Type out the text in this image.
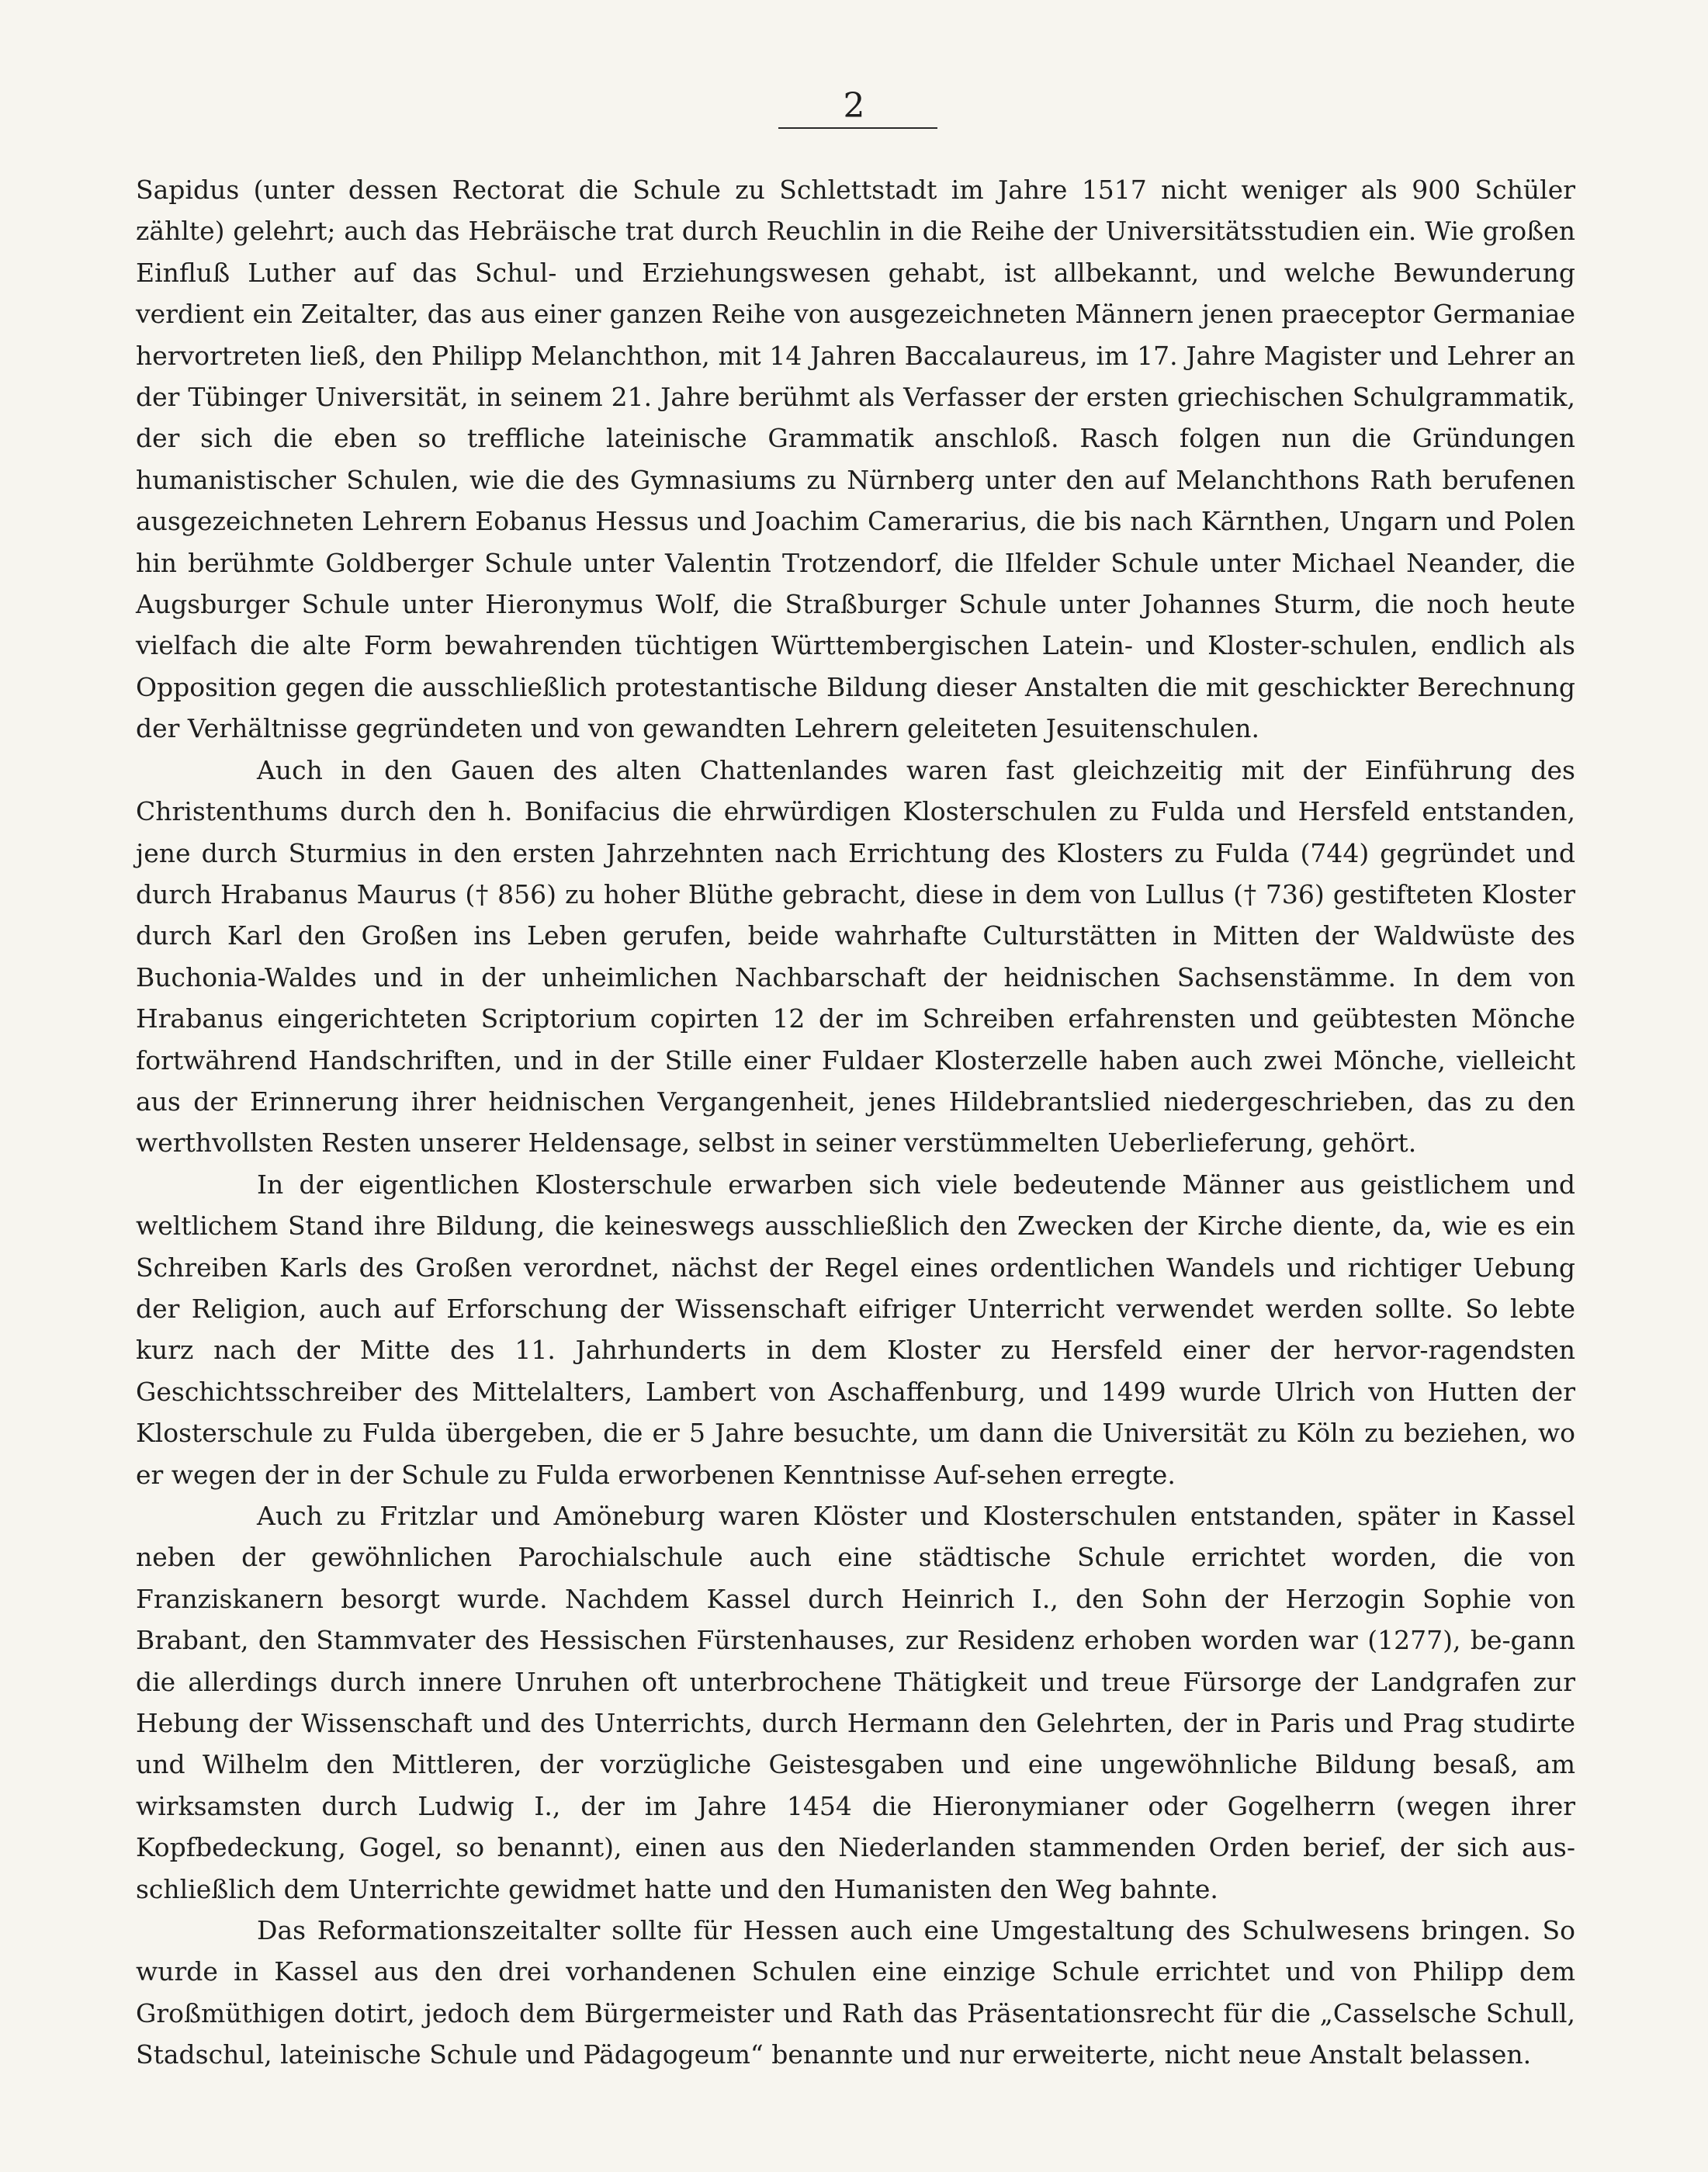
2

Sapidus (unter dessen Rectorat die Schule zu Schlettstadt im Jahre 1517 nicht weniger als 900 Schüler zählte) gelehrt; auch das Hebräische trat durch Reuchlin in die Reihe der Universitätsstudien ein. Wie großen Einfluß Luther auf das Schul- und Erziehungswesen gehabt, ist allbekannt, und welche Bewunderung verdient ein Zeitalter, das aus einer ganzen Reihe von ausgezeichneten Männern jenen praeceptor Germaniae hervortreten ließ, den Philipp Melanchthon, mit 14 Jahren Baccalaureus, im 17. Jahre Magister und Lehrer an der Tübinger Universität, in seinem 21. Jahre berühmt als Verfasser der ersten griechischen Schulgrammatik, der sich die eben so treffliche lateinische Grammatik anschloß. Rasch folgen nun die Gründungen humanistischer Schulen, wie die des Gymnasiums zu Nürnberg unter den auf Melanchthons Rath berufenen ausgezeichneten Lehrern Eobanus Hessus und Joachim Camerarius, die bis nach Kärnthen, Ungarn und Polen hin berühmte Goldberger Schule unter Valentin Trotzendorf, die Ilfelder Schule unter Michael Neander, die Augsburger Schule unter Hieronymus Wolf, die Straßburger Schule unter Johannes Sturm, die noch heute vielfach die alte Form bewahrenden tüchtigen Württembergischen Latein- und Kloster-schulen, endlich als Opposition gegen die ausschließlich protestantische Bildung dieser Anstalten die mit geschickter Berechnung der Verhältnisse gegründeten und von gewandten Lehrern geleiteten Jesuitenschulen.

Auch in den Gauen des alten Chattenlandes waren fast gleichzeitig mit der Einführung des Christenthums durch den h. Bonifacius die ehrwürdigen Klosterschulen zu Fulda und Hersfeld entstanden, jene durch Sturmius in den ersten Jahrzehnten nach Errichtung des Klosters zu Fulda (744) gegründet und durch Hrabanus Maurus († 856) zu hoher Blüthe gebracht, diese in dem von Lullus († 736) gestifteten Kloster durch Karl den Großen ins Leben gerufen, beide wahrhafte Culturstätten in Mitten der Waldwüste des Buchonia-Waldes und in der unheimlichen Nachbarschaft der heidnischen Sachsenstämme. In dem von Hrabanus eingerichteten Scriptorium copirten 12 der im Schreiben erfahrensten und geübtesten Mönche fortwährend Handschriften, und in der Stille einer Fuldaer Klosterzelle haben auch zwei Mönche, vielleicht aus der Erinnerung ihrer heidnischen Vergangenheit, jenes Hildebrantslied niedergeschrieben, das zu den werthvollsten Resten unserer Heldensage, selbst in seiner verstümmelten Ueberlieferung, gehört.

In der eigentlichen Klosterschule erwarben sich viele bedeutende Männer aus geistlichem und weltlichem Stand ihre Bildung, die keineswegs ausschließlich den Zwecken der Kirche diente, da, wie es ein Schreiben Karls des Großen verordnet, nächst der Regel eines ordentlichen Wandels und richtiger Uebung der Religion, auch auf Erforschung der Wissenschaft eifriger Unterricht verwendet werden sollte. So lebte kurz nach der Mitte des 11. Jahrhunderts in dem Kloster zu Hersfeld einer der hervor-ragendsten Geschichtsschreiber des Mittelalters, Lambert von Aschaffenburg, und 1499 wurde Ulrich von Hutten der Klosterschule zu Fulda übergeben, die er 5 Jahre besuchte, um dann die Universität zu Köln zu beziehen, wo er wegen der in der Schule zu Fulda erworbenen Kenntnisse Auf-sehen erregte.

Auch zu Fritzlar und Amöneburg waren Klöster und Klosterschulen entstanden, später in Kassel neben der gewöhnlichen Parochialschule auch eine städtische Schule errichtet worden, die von Franziskanern besorgt wurde. Nachdem Kassel durch Heinrich I., den Sohn der Herzogin Sophie von Brabant, den Stammvater des Hessischen Fürstenhauses, zur Residenz erhoben worden war (1277), be-gann die allerdings durch innere Unruhen oft unterbrochene Thätigkeit und treue Fürsorge der Landgrafen zur Hebung der Wissenschaft und des Unterrichts, durch Hermann den Gelehrten, der in Paris und Prag studirte und Wilhelm den Mittleren, der vorzügliche Geistesgaben und eine ungewöhnliche Bildung besaß, am wirksamsten durch Ludwig I., der im Jahre 1454 die Hieronymianer oder Gogelherrn (wegen ihrer Kopfbedeckung, Gogel, so benannt), einen aus den Niederlanden stammenden Orden berief, der sich aus-schließlich dem Unterrichte gewidmet hatte und den Humanisten den Weg bahnte.

Das Reformationszeitalter sollte für Hessen auch eine Umgestaltung des Schulwesens bringen. So wurde in Kassel aus den drei vorhandenen Schulen eine einzige Schule errichtet und von Philipp dem Großmüthigen dotirt, jedoch dem Bürgermeister und Rath das Präsentationsrecht für die „Casselsche Schull, Stadschul, lateinische Schule und Pädagogeum“ benannte und nur erweiterte, nicht neue Anstalt belassen.
